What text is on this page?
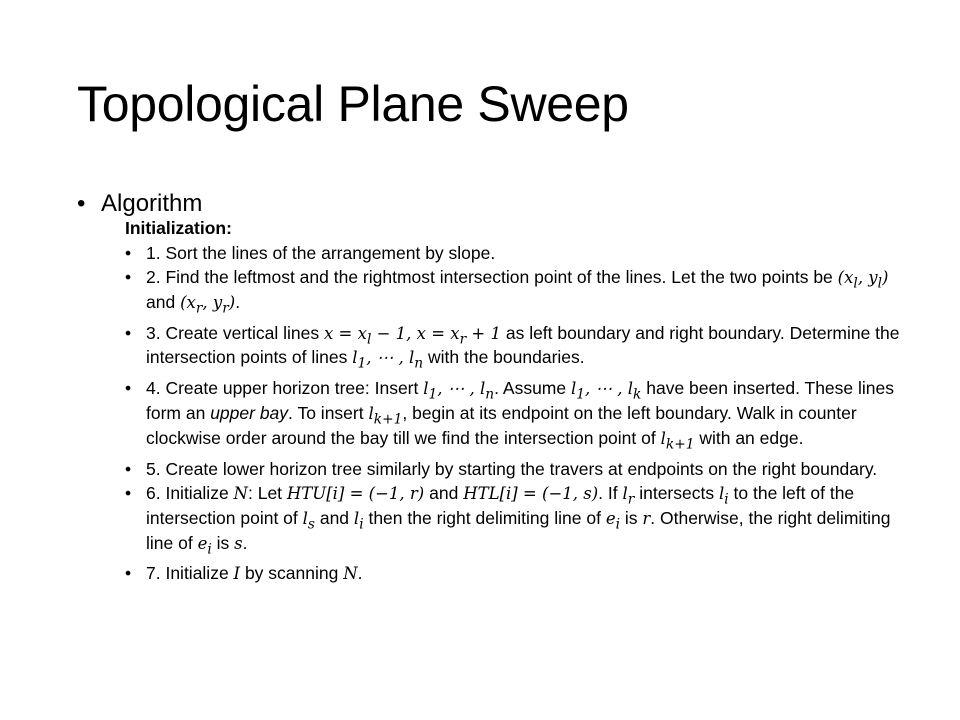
Topological Plane Sweep
• Algorithm
Initialization:
• 1. Sort the lines of the arrangement by slope.
• 2. Find the leftmost and the rightmost intersection point of the lines. Let the two points be ($x_l$, $y_l$) and ($x_r$, $y_r$).
• 3. Create vertical lines $x = x_l - 1$, $x = x_r + 1$ as left boundary and right boundary. Determine the intersection points of lines $l_1$, ⋯ , $l_n$ with the boundaries.
• 4. Create upper horizon tree: Insert $l_1$, ⋯ , $l_n$. Assume $l_1$, ⋯ , $l_k$ have been inserted. These lines form an upper bay. To insert $l_{k+1}$, begin at its endpoint on the left boundary. Walk in counter clockwise order around the bay till we find the intersection point of $l_{k+1}$ with an edge.
• 5. Create lower horizon tree similarly by starting the travers at endpoints on the right boundary.
• 6. Initialize N: Let HTU[i] = (−1, r) and HTL[i] = (−1, s). If $l_r$ intersects $l_i$ to the left of the intersection point of $l_s$ and $l_i$ then the right delimiting line of $e_i$ is r. Otherwise, the right delimiting line of $e_i$ is s.
• 7. Initialize I by scanning N.
